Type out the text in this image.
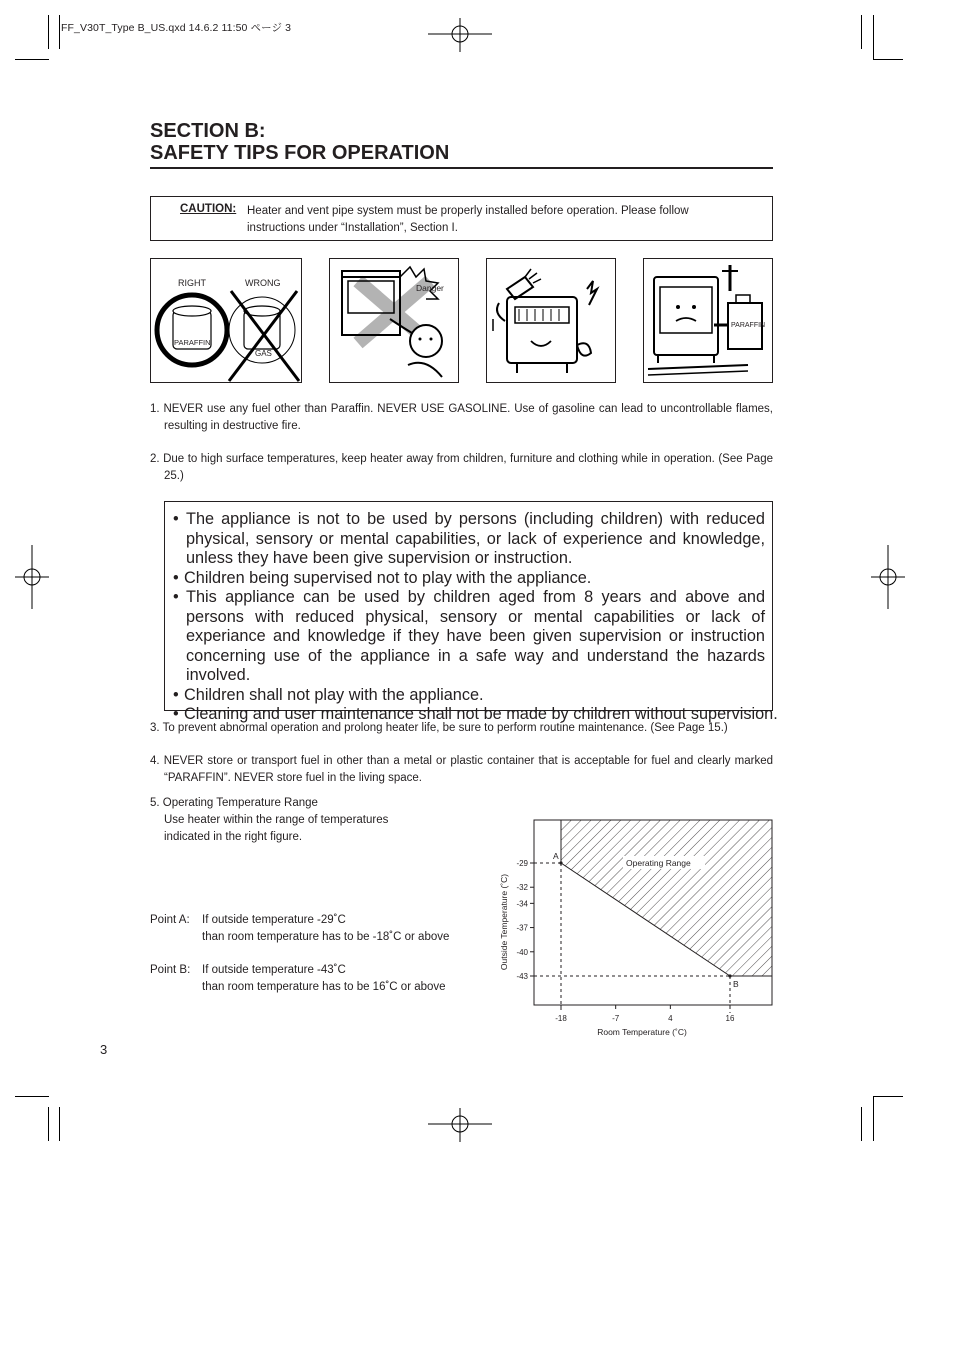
FF_V30T_Type B_US.qxd 14.6.2 11:50 ページ 3
SECTION B:
SAFETY TIPS FOR OPERATION
CAUTION: Heater and vent pipe system must be properly installed before operation. Please follow instructions under “Installation”, Section I.
RIGHT	WRONG
PARAFFIN
GAS
Danger
PARAFFIN
1. NEVER use any fuel other than Paraffin. NEVER USE GASOLINE. Use of gasoline can lead to uncontrollable flames, resulting in destructive fire.
2. Due to high surface temperatures, keep heater away from children, furniture and clothing while in operation. (See Page 25.)
• The appliance is not to be used by persons (including children) with reduced physical, sensory or mental capabilities, or lack of experience and knowledge, unless they have been give supervision or instruction.
• Children being supervised not to play with the appliance.
• This appliance can be used by children aged from 8 years and above and persons with reduced physical, sensory or mental capabilities or lack of experiance and knowledge if they have been given supervision or instruction concerning use of the appliance in a safe way and understand the hazards involved.
• Children shall not play with the appliance.
• Cleaning and user maintenance shall not be made by children without supervision.
3. To prevent abnormal operation and prolong heater life, be sure to perform routine maintenance. (See Page 15.)
4. NEVER store or transport fuel in other than a metal or plastic container that is acceptable for fuel and clearly marked “PARAFFIN”. NEVER store fuel in the living space.
5. Operating Temperature Range
Use heater within the range of temperatures
indicated in the right figure.
Point A:	If outside temperature -29˚C
than room temperature has to be -18˚C or above
Point B:	If outside temperature -43˚C
than room temperature has to be 16˚C or above
Operating Range
A
B
-29
-32
-34
-37
-40
-43
-18	-7	4	16
Room Temperature (˚C)
Outside Temperature (˚C)
3
